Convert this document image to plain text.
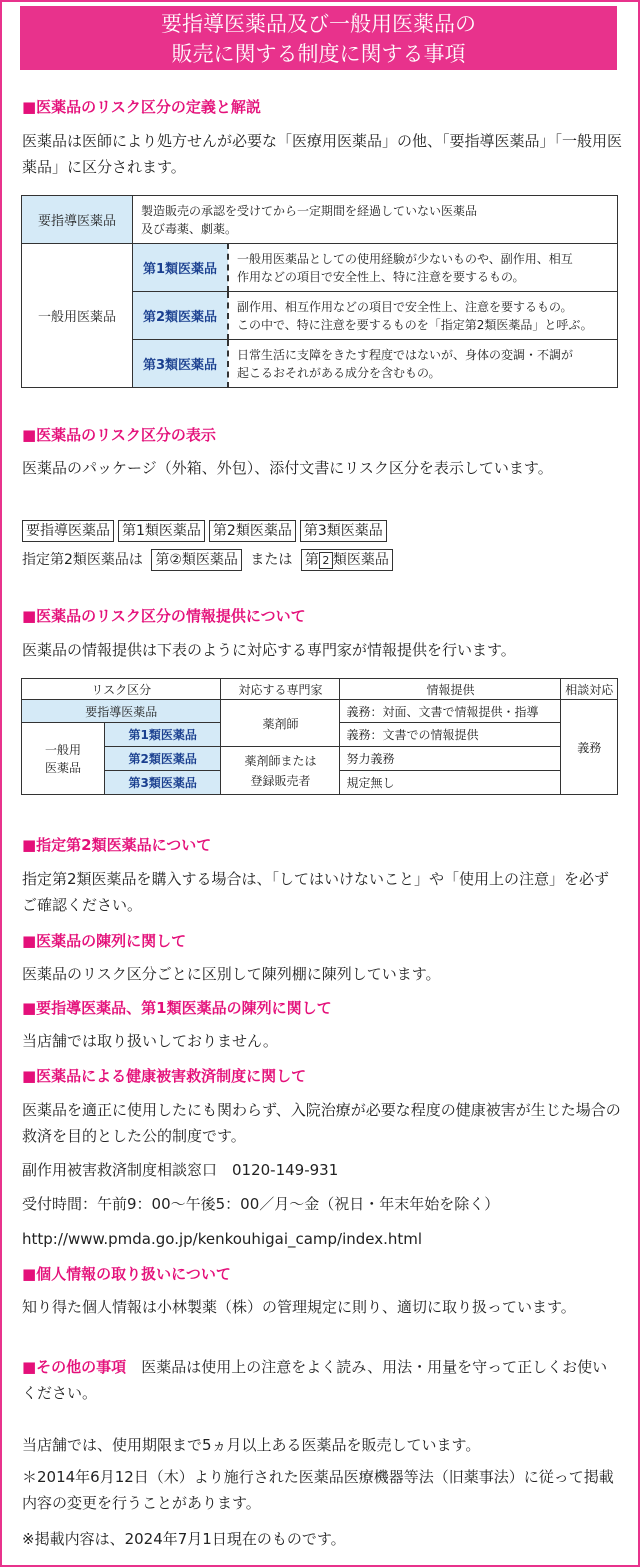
要指導医薬品及び一般用医薬品の
販売に関する制度に関する事項
■医薬品のリスク区分の定義と解説
医薬品は医師により処方せんが必要な「医療用医薬品」の他、「要指導医薬品」「一般用医薬品」に区分されます。
要指導医薬品	製造販売の承認を受けてから一定期間を経過していない医薬品
及び毒薬、劇薬。	

一般用医薬品	第1類医薬品	一般用医薬品としての使用経験が少ないものや、副作用、相互
作用などの項目で安全性上、特に注意を要するもの。

	第2類医薬品	副作用、相互作用などの項目で安全性上、注意を要するもの。
この中で、特に注意を要するものを「指定第2類医薬品」と呼ぶ。

	第3類医薬品	日常生活に支障をきたす程度ではないが、身体の変調・不調が
起こるおそれがある成分を含むもの。
■医薬品のリスク区分の表示
医薬品のパッケージ（外箱、外包）、添付文書にリスク区分を表示しています。
要指導医薬品 第1類医薬品 第2類医薬品 第3類医薬品
指定第2類医薬品は 第②類医薬品 または 第 2 類医薬品
■医薬品のリスク区分の情報提供について
医薬品の情報提供は下表のように対応する専門家が情報提供を行います。
リスク区分		対応する専門家	情報提供	相談対応
要指導医薬品		薬剤師	義務：対面、文書で情報提供・指導	義務

一般用
医薬品	第1類医薬品		義務：文書での情報提供	
	第2類医薬品	薬剤師または
登録販売者	努力義務	
	第3類医薬品		規定無し	
■指定第2類医薬品について
指定第2類医薬品を購入する場合は、「してはいけないこと」や「使用上の注意」を必ずご確認ください。
■医薬品の陳列に関して
医薬品のリスク区分ごとに区別して陳列棚に陳列しています。
■要指導医薬品、第1類医薬品の陳列に関して
当店舗では取り扱いしておりません。
■医薬品による健康被害救済制度に関して
医薬品を適正に使用したにも関わらず、入院治療が必要な程度の健康被害が生じた場合の救済を目的とした公的制度です。
副作用被害救済制度相談窓口　0120-149-931
受付時間：午前9：00〜午後5：00／月〜金（祝日・年末年始を除く）
http://www.pmda.go.jp/kenkouhigai_camp/index.html
■個人情報の取り扱いについて
知り得た個人情報は小林製薬（株）の管理規定に則り、適切に取り扱っています。
■その他の事項　 医薬品は使用上の注意をよく読み、用法・用量を守って正しくお使いください。
当店舗では、使用期限まで5ヵ月以上ある医薬品を販売しています。
＊2014年6月12日（木）より施行された医薬品医療機器等法（旧薬事法）に従って掲載内容の変更を行うことがあります。
※掲載内容は、2024年7月1日現在のものです。
